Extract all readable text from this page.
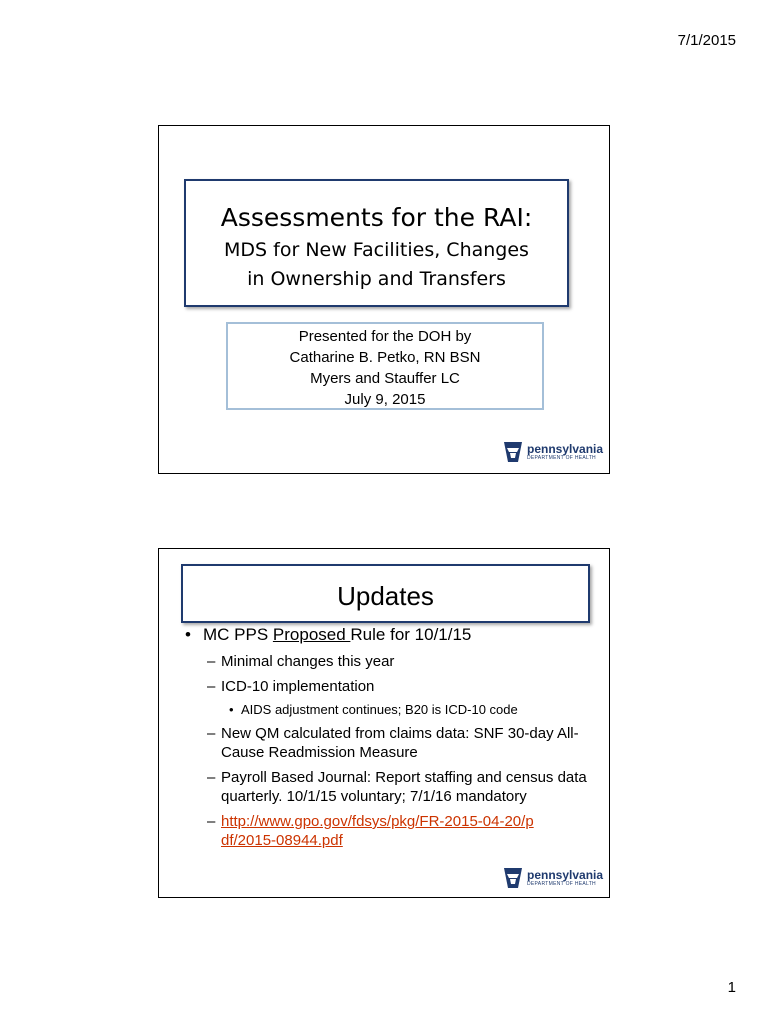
7/1/2015
Assessments for the RAI:
MDS for New Facilities, Changes
in Ownership and Transfers
Presented for the DOH by
Catharine B. Petko, RN BSN
Myers and Stauffer LC
July 9, 2015
pennsylvania
DEPARTMENT OF HEALTH
Updates
• MC PPS Proposed Rule for 10/1/15
– Minimal changes this year
– ICD-10 implementation
• AIDS adjustment continues; B20 is ICD-10 code
– New QM calculated from claims data: SNF 30-day All-Cause Readmission Measure
– Payroll Based Journal: Report staffing and census data quarterly. 10/1/15 voluntary; 7/1/16 mandatory
– http://www.gpo.gov/fdsys/pkg/FR-2015-04-20/pdf/2015-08944.pdf
pennsylvania
DEPARTMENT OF HEALTH
1
